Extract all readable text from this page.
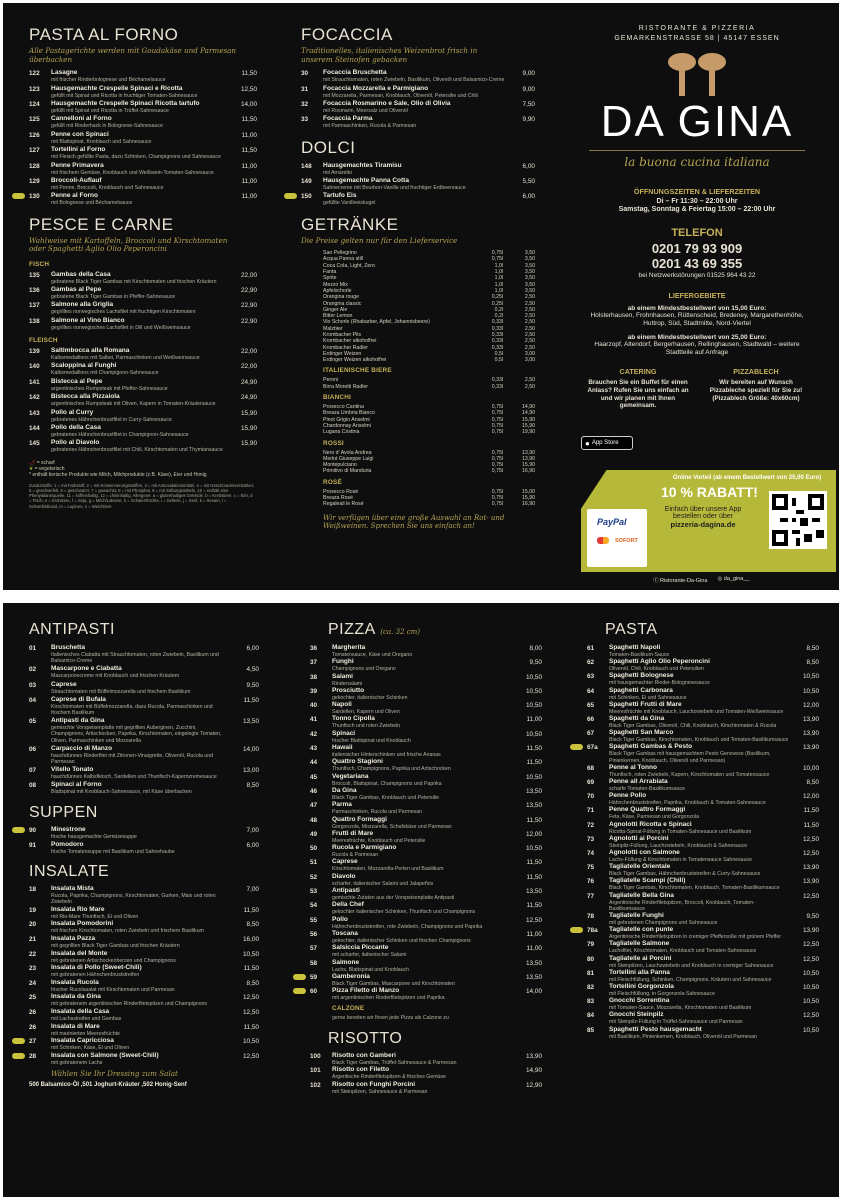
PASTA AL FORNO
Alle Pastagerichte werden mit Goudakäse und Parmesan überbacken
122	Lasagne
mit frischer Rinderbolognese und Béchamelsauce
11,50
123	Hausgemachte Crespelle Spinaci e Ricotta
gefüllt mit Spinat und Ricotta in fruchtiger Tomaten-Sahnesauce
12,50
124	Hausgemachte Crespelle Spinaci Ricotta tartufo
gefüllt mit Spinat und Ricotta in Trüffel-Sahnesauce
14,00
125	Cannelloni al Forno
gefüllt mit Rinderhack in Bolognese-Sahnesauce
11,50
126	Penne con Spinaci
mit Blattspinat, Knoblauch und Sahnesauce
11,00
127	Tortellini al Forno
mit Fleisch gefüllte Pasta, dazu Schinken, Champignons und Sahnesauce
11,50
128	Penne Primavera
mit frischem Gemüse, Knoblauch und Weißwein-Tomaten-Sahnesauce
11,00
129	Broccoli-Auflauf
mit Penne, Broccoli, Knoblauch und Sahnesauce
11,00
130	Penne al Forno
mit Bolognese und Béchamelsauce
11,00
PESCE E CARNE
Wahlweise mit Kartoffeln, Broccoli und Kirschtomaten oder Spaghetti Aglio Olio Peperoncini
FISCH
135	Gambas della Casa
gebratene Black Tiger Gambas mit Kirschtomaten und frischen Kräutern
22,00
136	Gambas al Pepe
gebratene Black Tiger Gambas in Pfeffer-Sahnesauce
22,90
137	Salmone alla Griglia
gegrilltes norwegisches Lachsfilet mit fruchtigen Kirschtomaten
22,90
138	Salmone al Vino Bianco
gegrilltes norwegisches Lachsfilet in Dill und Weißweinsauce
22,90
FLEISCH
139	Saltimbocca alla Romana
Kalbsmedaillons mit Salbei, Parmaschinken und Weißweinsauce
22,00
140	Scaloppina al Funghi
Kalbsmedaillons mit Champignon-Sahnesauce
22,00
141	Bistecca al Pepe
argentinisches Rumpsteak mit Pfeffer-Sahnesauce
24,90
142	Bistecca alla Pizzaiola
argentinisches Rumpsteak mit Oliven, Kapern in Tomaten-Kräutersauce
24,90
143	Pollo al Curry
gebratenes Hähnchenbrustfilet in Curry-Sahnesauce
15,90
144	Pollo della Casa
gebratenes Hähnchenbrustfilet in Champignon-Sahnesauce
15,90
145	Pollo al Diavolo
gebratenes Hähnchenbrustfilet mit Chili, Kirschtomaten und Thymiansauce
15,90
🌶 = scharf
❦ = vegetarisch
* enthält tierische Produkte wie Milch, Milchprodukte (z.B. Käse), Eier und Honig
Zusatzstoffe: 1 = mit Farbstoff, 2 = mit Konservierungsstoffen, 3 = mit Antioxidationsmittel, 4 = mit Geschmacksverstärker, 5 = geschwefelt, 6 = geschwärzt, 7 = gewachst, 8 = mit Phosphat, 9 = mit Süßungsmitteln, 10 = enthält eine Phenylalaninquelle, 11 = koffeinhaltig, 12 = chininhaltig. Allergene: a = glutenhaltiges Getreide, b = Krebstiere, c = Eier, d = Fisch, e = Erdnüsse, f = Soja, g = Milch/Laktose, h = Schalenfrüchte, i = Sellerie, j = Senf, k = Sesam, l = Schwefeldioxid, m = Lupinen, n = Weichtiere
FOCACCIA
Traditionelles, italienisches Weizenbrot frisch in unserem Steinofen gebacken
30	Focaccia Bruschetta
mit Strauchtomaten, roten Zwiebeln, Basilikum, Olivenöl und Balsamico-Creme
9,00
31	Focaccia Mozzarella e Parmigiano
mit Mozzarella, Parmesan, Knoblauch, Olivenöl, Petersilie und Chili
9,00
32	Focaccia Rosmarino e Sale, Olio di Olivia
mit Rosmarin, Meersalz und Olivenöl
7,50
33	Focaccia Parma
mit Parmaschinken, Rucola & Parmesan
9,90
DOLCI
148	Hausgemachtes Tiramisu
mit Amaretto
6,00
149	Hausgemachte Panna Cotta
Sahnecreme mit Bourbon-Vanille und fruchtiger Erdbeersauce
5,50
150	Tartufo Eis
gefüllte Vanilleeiskugel
6,00
GETRÄNKE
Die Preise gelten nur für den Lieferservice
San Pellegrino	0,75l	3,50
Acqua Panna still	0,75l	3,50
Coca Cola, Light, Zero	1,0l	3,50
Fanta	1,0l	3,50
Sprite	1,0l	3,50
Mezzo Mix	1,0l	3,50
Apfelschorle	1,0l	3,50
Orangina rouge	0,25l	2,50
Orangina classic	0,25l	2,50
Ginger Ale	0,2l	2,50
Bitter Lemon	0,2l	2,50
Vio Schorle (Rhabarber, Apfel, Johannisbeere)	0,33l	2,50
Malzbier	0,33l	2,50
Krombacher Pils	0,33l	2,50
Krombacher alkoholfrei	0,33l	2,50
Krombacher Radler	0,33l	2,50
Erdinger Weizen	0,5l	3,00
Erdinger Weizen alkoholfrei	0,5l	3,00
ITALIENISCHE BIERE
Peroni	0,33l	2,50
Birra Moretti Radler	0,33l	2,50
BIANCHI
Prosecco Cantina	0,75l	14,90
Breaza Umbria Bianco	0,75l	14,90
Pinot Grigio Anselmi	0,75l	15,90
Chardonnay Anselmi	0,75l	15,90
Lugana Cristina	0,75l	19,90
ROSSI
Nero d' Avola Andrea	0,75l	13,90
Merlot Giuseppe Luigi	0,75l	13,90
Montepulciano	0,75l	15,90
Primitivo di Manduria	0,75l	16,90
ROSÉ
Prosecco Rosé	0,75l	15,00
Breaza Rosé	0,75l	15,90
Regaleali le Rosé	0,75l	16,90
Wir verfügen über eine große Auswahl an Rot- und Weißweinen. Sprechen Sie uns einfach an!
RISTORANTE & PIZZERIA
GEMARKENSTRASSE 58 | 45147 ESSEN
DA GINA
la buona cucina italiana
ÖFFNUNGSZEITEN & LIEFERZEITEN
Di – Fr 11:30 – 22:00 Uhr
Samstag, Sonntag & Feiertag 15:00 – 22:00 Uhr
TELEFON
0201 79 93 909
0201 43 69 355
bei Netzwerkstörungen 01525 964 43 22
LIEFERGEBIETE
ab einem Mindestbestellwert von 15,00 Euro:
Holsterhausen, Frohnhausen, Rüttenscheid, Bredeney, Margarethenhöhe, Huttrop, Süd, Stadtmitte, Nord-Viertel
ab einem Mindestbestellwert von 25,00 Euro:
Haarzopf, Altendorf, Bergerhausen, Rellinghausen, Stadtwald – weitere Stadtteile auf Anfrage
CATERING
Brauchen Sie ein Buffet für einen Anlass? Rufen Sie uns einfach an und wir planen mit Ihnen gemeinsam.
PIZZABLECH
Wir bereiten auf Wunsch Pizzableche speziell für Sie zu! (Pizzablech Größe: 40x60cm)
● App Store
PayPal
SOFORT
Online Vorteil (ab einem Bestellwert von 25,00 Euro)
10 % RABATT!
Einfach über unsere App bestellen oder über
pizzeria-dagina.de
ⓕ Ristorante-Da-Gina ◎ da_gina__
ANTIPASTI
01	Bruschetta
Italienisches Ciabatta mit Strauchtomaten, roten Zwiebeln, Basilikum und Balsamico-Creme
6,00
02	Mascarpone e Ciabatta
Mascarponecreme mit Knoblauch und frischen Kräutern
4,50
03	Caprese
Strauchtomaten mit Büffelmozzarella und frischem Basilikum
9,50
04	Caprese di Bufala
Kirschtomaten mit Büffelmozzarella, dazu Rucola, Parmaschinken und frischem Basilikum
11,50
05	Antipasti da Gina
gemischte Vorspeisenplatte mit gegrillten Auberginen, Zucchini, Champignons, Artischocken, Paprika, Kirschtomaten, eingelegte Tomaten, Oliven, Parmaschinken und Mozzarella
13,50
06	Carpaccio di Manzo
hauchdünnes Rinderfilet mit Zitronen-Vinaigrette, Olivenöl, Rucola und Parmesan
14,00
07	Vitello Tonato
hauchdünnes Kalbsfleisch, Sardellen und Thunfisch-Kapernzremesauce
13,00
08	Spinaci al Forno
Blattspinat mit Knoblauch-Sahnesauce, mit Käse überbacken
8,50
SUPPEN
90	Minestrone
frische hausgemachte Gemüsesuppe
7,00
91	Pomodoro
frische Tomatensuppe mit Basilikum und Sahnehaube
6,00
INSALATE
18	Insalata Mista
Rucola, Paprika, Champignons, Kirschtomaten, Gurken, Mais und roten Zwiebeln
7,00
19	Insalata Rio Mare
mit Rio-Mare Thunfisch, Ei und Oliven
11,50
20	Insalata Pomodorini
mit frischen Kirschtomaten, roten Zwiebeln und frischem Basilikum
8,50
21	Insalata Pazza
mit gegrillten Black Tiger Gambas und frischen Kräutern
16,00
22	Insalata del Monte
mit gebratenen Artischockenherzen und Champignons
10,50
23	Insalata di Pollo (Sweet-Chili)
mit gebratenen Hähnchenbruststreifen
11,50
24	Insalata Rucola
frischer Rucolasalat mit Kirschtomaten und Parmesan
8,50
25	Insalata da Gina
mit gebratenem argentinischen Rinderfiletspitzen und Champignons
12,50
26	Insalata della Casa
mit Lachsstreifen und Gambas
12,50
26	Insalata di Mare
mit marinierten Meeresfrüchte
11,50
27	Insalata Capricciosa
mit Schinken, Käse, Ei und Oliven
10,50
28	Insalata con Salmone (Sweet-Chili)
mit gebratenem Lachs
12,50
Wählen Sie Ihr Dressing zum Salat
500 Balsamico-Öl ,501 Joghurt-Kräuter ,502 Honig-Senf
PIZZA (ca. 32 cm)
36	Margherita
Tomatensauce, Käse und Oregano
8,00
37	Funghi
Champignons und Oregano
9,50
38	Salami
Rindersalami
10,50
39	Prosciutto
gekochter, italienischer Schinken
10,50
40	Napoli
Sardellen, Kapern und Oliven
10,50
41	Tonno Cipolla
Thunfisch und roten Zwiebeln
11,00
42	Spinaci
frischer Blattspinat und Knoblauch
10,50
43	Hawaii
italienischer Hinterschinken und frische Ananas
11,50
44	Quattro Stagioni
Thunfisch, Champignons, Paprika und Artischocken
11,50
45	Vegetariana
Broccoli, Blattspinat, Champignons und Paprika
10,50
46	Da Gina
Black Tiger Gambas, Knoblauch und Petersilie
13,50
47	Parma
Parmaschinken, Rucola und Parmesan
13,50
48	Quattro Formaggi
Gorgonzola, Mozzarella, Schafskäse und Parmesan
11,50
49	Frutti di Mare
Meeresfrüchte, Knoblauch und Petersilie
12,00
50	Rucola e Parmigiano
Rucola & Parmesan
10,50
51	Caprese
Kirschtomaten, Mozzarella-Perlen und Basilikum
11,50
52	Diavolo
scharfer, italienischer Salami und Jalapeños
11,50
53	Antipasti
gemischte Zutaten aus der Vorspeisenplatte Antipasti
13,50
54	Della Chef
gekochter italienischer Schinken, Thunfisch und Champignons
11,50
55	Pollo
Hähnchenbruststreifen, rote Zwiebeln, Champignons und Paprika
12,50
56	Toscana
gekochter, italienischer Schinken und frischen Champignons
11,00
57	Salsiccia Piccante
mit scharfer, italienischer Salami
11,00
58	Salmone
Lachs, Blattspinat und Knoblauch
13,50
59	Gamberonia
Black Tiger Gambas, Mascarpone und Kirschtomaten
13,50
60	Pizza Filetto di Manzo
mit argentinischen Rinderfiletspitzen und Paprika
14,00
CALZONE
gerne bereiten wir Ihnen jede Pizza als Calzone zu
RISOTTO
100	Risotto con Gamberi
Black Tiger Gambas, Trüffel-Sahnesauce & Parmesan
13,90
101	Risotto con Filetto
Argentische Rinderfiletspitzen & frisches Gemüse
14,90
102	Risotto con Funghi Porcini
mit Steinpilzen, Sahnesauce & Parmesan
12,90
PASTA
61	Spaghetti Napoli
Tomaten-Basilikum-Sauce
8,50
62	Spaghetti Aglio Olio Peperoncini
Olivenöl, Chili, Knoblauch und Petersilien
8,50
63	Spaghetti Bolognese
mit hausgemachter Rinder-Bolognesesauce
10,50
64	Spaghetti Carbonara
mit Schinken, Ei und Sahnesauce
10,50
65	Spaghetti Frutti di Mare
Meeresfrüchte mit Knoblauch, Lauchzwiebeln und Tomaten-Weißweinsauce
12,00
66	Spaghetti da Gina
Black Tiger Gambas, Olivenöl, Chili, Knoblauch, Kirschtomaten & Rucola
13,90
67	Spaghetti San Marco
Black Tiger Gambas, Kirschtomaten, Knoblauch und Tomaten-Basilikumsauce
13,90
67a	Spaghetti Gambas & Pesto
Black Tiger Gambas mit hausgemachtem Pesto Genovese (Basilikum, Pinienkernen, Knoblauch, Olivenöl und Parmesan)
13,90
68	Penne al Tonno
Thunfisch, roten Zwiebeln, Kapern, Kirschtomaten und Tomatensauce
10,00
69	Penne all Arrabiata
scharfe Tomaten-Basilikumsauce
8,50
70	Penne Pollo
Hähnchenbruststreifen, Paprika, Knoblauch & Tomaten-Sahnesauce
12,00
71	Penne Quattro Formaggi
Feta, Käse, Parmesan und Gorgonzola
11,50
72	Agnolotti Ricotta e Spinaci
Ricotta-Spinat-Füllung in Tomaten-Sahnesauce und Basilikum
11,50
73	Agnolotti ai Porcini
Steinpilz-Füllung, Lauchzwiebeln, Knoblauch & Sahnesauce
12,50
74	Agnolotti con Salmone
Lachs-Füllung & Kirschtomaten in Tomatensauce Sahnesauce
12,50
75	Tagliatelle Orientale
Black Tiger Gambas, Hähnchenbruststreifen & Curry-Sahnesauce
13,90
76	Tagliatelle Scampi (Chili)
Black Tiger Gambas, Kirschtomaten, Knoblauch, Tomaten-Basilikumsauce
13,90
77	Tagliatelle Bella Gina
Argentinische Rinderfiletspitzen, Broccoli, Knoblauch, Tomaten-Basilikumsauce
12,50
78	Tagliatelle Funghi
mit gebratenen Champignons und Sahnesauce
9,50
78a	Tagliatelle con punte
Argentinische Rinderfiletspitzen in cremiger Pfeffersoße mit grünem Pfeffer
13,90
79	Tagliatelle Salmone
Lachsfilet, Kirschtomaten, Knoblauch und Tomaten-Sahnesauce
12,50
80	Tagliatelle ai Porcini
mit Steinpilzen, Lauchzwiebeln und Knoblauch in cremiger Sahnesauce
12,50
81	Tortellini alla Panna
mit Fleischfüllung, Schinken, Champignons, Kräutern und Sahnesauce
10,50
82	Tortellini Gorgonzola
mit Fleischfüllung, in Gorgonzola-Sahnesauce
10,50
83	Gnocchi Sorrentina
mit Tomaten-Sauce, Mozzarella, Kirschtomaten und Basilikum
10,50
84	Gnocchi Steinpilz
mit Steinpilz-Füllung in Trüffel-Sahnesauce und Parmesan
12,50
85	Spaghetti Pesto hausgemacht
mit Basilikum, Pinienkernen, Knoblauch, Olivenöl und Parmesan
10,50
